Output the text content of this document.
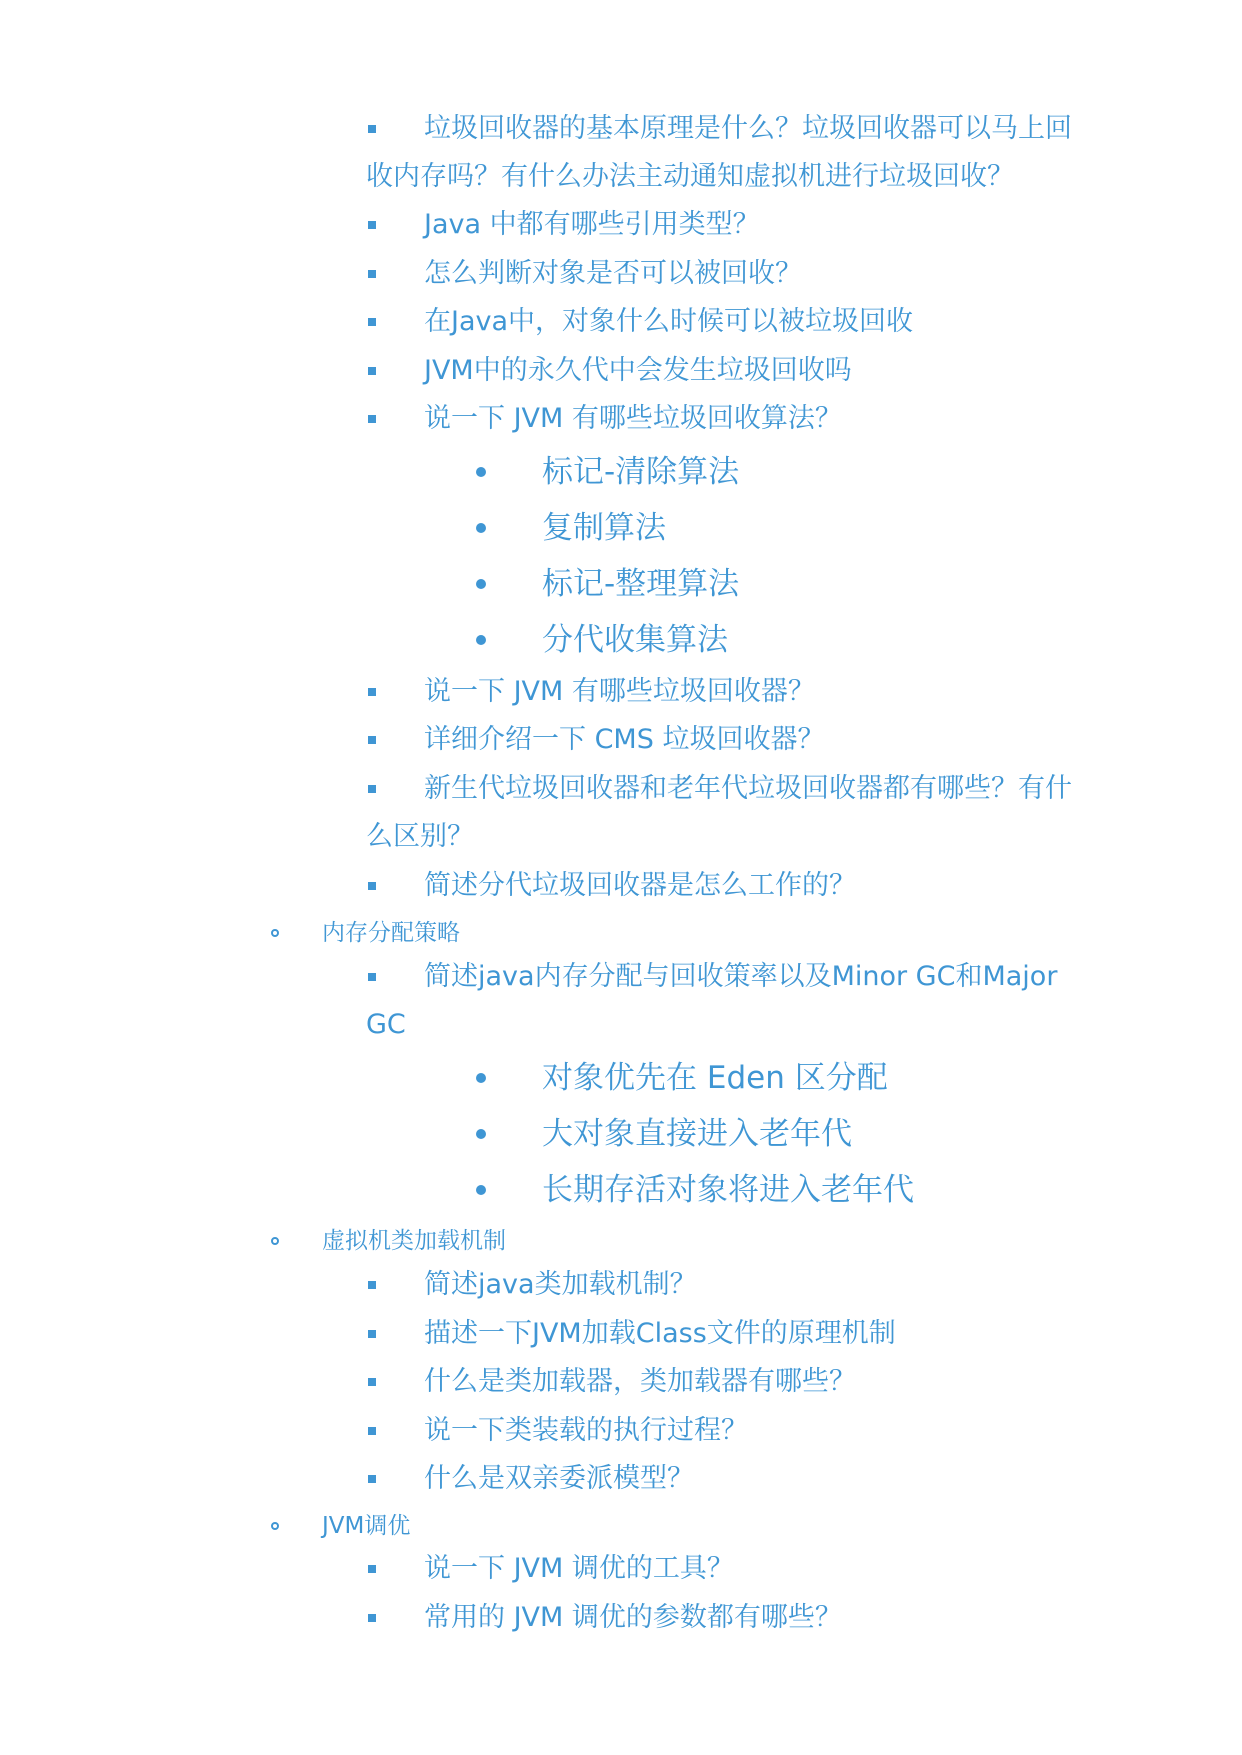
垃圾回收器的基本原理是什么？垃圾回收器可以马上回
收内存吗？有什么办法主动通知虚拟机进行垃圾回收？
Java 中都有哪些引用类型？
怎么判断对象是否可以被回收？
在Java中，对象什么时候可以被垃圾回收
JVM中的永久代中会发生垃圾回收吗
说一下 JVM 有哪些垃圾回收算法？
标记-清除算法
复制算法
标记-整理算法
分代收集算法
说一下 JVM 有哪些垃圾回收器？
详细介绍一下 CMS 垃圾回收器？
新生代垃圾回收器和老年代垃圾回收器都有哪些？有什
么区别？
简述分代垃圾回收器是怎么工作的？
内存分配策略
简述java内存分配与回收策率以及Minor GC和Major
GC
对象优先在 Eden 区分配
大对象直接进入老年代
长期存活对象将进入老年代
虚拟机类加载机制
简述java类加载机制？
描述一下JVM加载Class文件的原理机制
什么是类加载器，类加载器有哪些？
说一下类装载的执行过程？
什么是双亲委派模型？
JVM调优
说一下 JVM 调优的工具？
常用的 JVM 调优的参数都有哪些？
